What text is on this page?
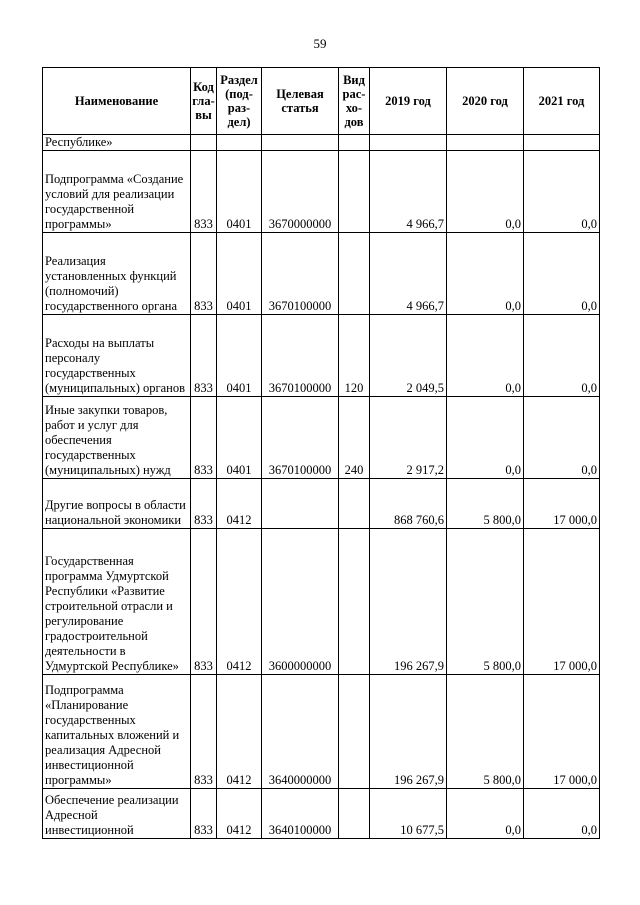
59
Наименование	Код гла- вы	Раздел (под- раз- дел)	Целевая статья	Вид рас- хо- дов	2019 год	2020 год	2021 год
Республике»							
Подпрограмма «Создание условий для реализации государственной программы»	833	0401	3670000000		4 966,7	0,0	0,0
Реализация установленных функций (полномочий) государственного органа	833	0401	3670100000		4 966,7	0,0	0,0
Расходы на выплаты персоналу государственных (муниципальных) органов	833	0401	3670100000	120	2 049,5	0,0	0,0
Иные закупки товаров, работ и услуг для обеспечения государственных (муниципальных) нужд	833	0401	3670100000	240	2 917,2	0,0	0,0
Другие вопросы в области национальной экономики	833	0412			868 760,6	5 800,0	17 000,0
Государственная программа Удмуртской Республики «Развитие строительной отрасли и регулирование градостроительной деятельности в Удмуртской Республике»	833	0412	3600000000		196 267,9	5 800,0	17 000,0
Подпрограмма «Планирование государственных капитальных вложений и реализация Адресной инвестиционной программы»	833	0412	3640000000		196 267,9	5 800,0	17 000,0
Обеспечение реализации Адресной инвестиционной	833	0412	3640100000		10 677,5	0,0	0,0
